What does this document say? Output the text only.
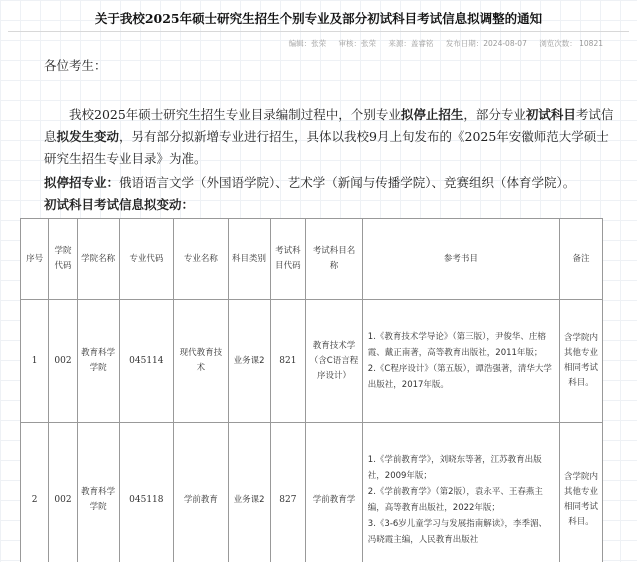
关于我校2025年硕士研究生招生个别专业及部分初试科目考试信息拟调整的通知
编辑：张荣 审核：张荣 来源：盖睿铭 发布日期：2024-08-07 浏览次数： 10821
各位考生：
我校2025年硕士研究生招生专业目录编制过程中，个别专业拟停止招生，部分专业初试科目考试信息拟发生变动，另有部分拟新增专业进行招生，具体以我校9月上旬发布的《2025年安徽师范大学硕士研究生招生专业目录》为准。
拟停招专业：俄语语言文学（外国语学院）、艺术学（新闻与传播学院）、竞赛组织（体育学院）。
初试科目考试信息拟变动：
序号	学院代码	学院名称	专业代码	专业名称	科目类别	考试科目代码	考试科目名称	参考书目	备注
1	002	教育科学学院	045114	现代教育技术	业务课2	821	教育技术学（含C语言程序设计）	1.《教育技术学导论》（第三版），尹俊华、庄榕霞、戴正南著，高等教育出版社，2011年版；
2.《C程序设计》（第五版），谭浩强著，清华大学出版社，2017年版。	含学院内其他专业相同考试科目。
2	002	教育科学学院	045118	学前教育	业务课2	827	学前教育学	1.《学前教育学》，刘晓东等著，江苏教育出版社，2009年版；
2.《学前教育学》（第2版），袁永平、王春燕主编，高等教育出版社，2022年版；
3.《3-6岁儿童学习与发展指南解读》，李季湄、冯晓霞主编，人民教育出版社	含学院内其他专业相同考试科目。
